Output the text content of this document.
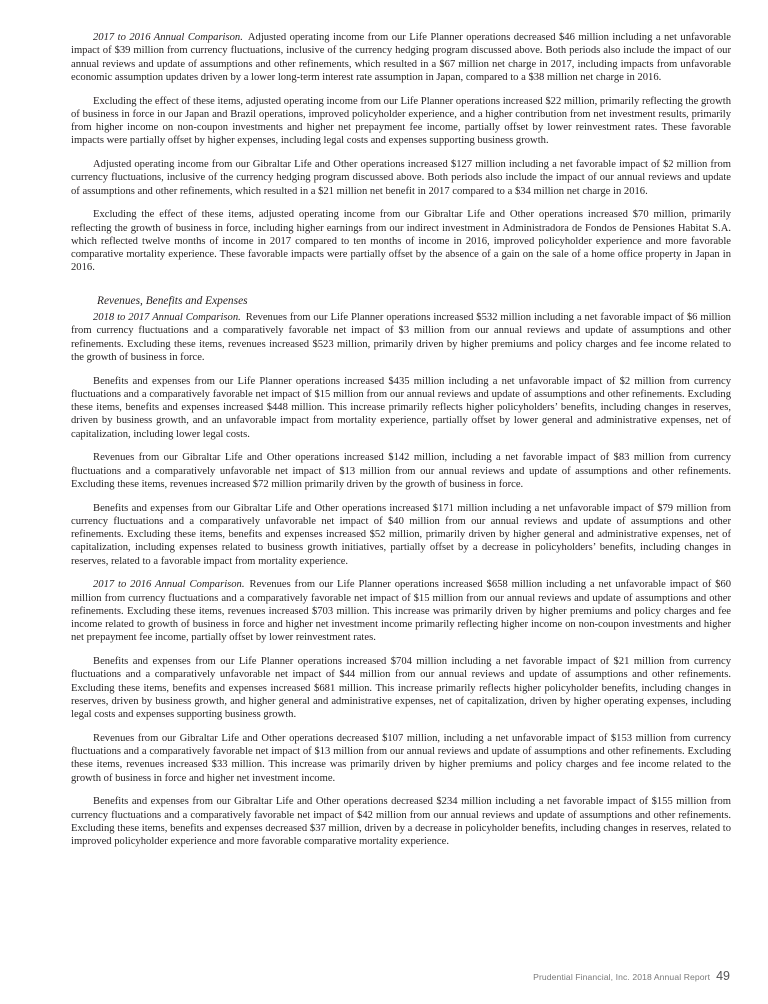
2017 to 2016 Annual Comparison. Adjusted operating income from our Life Planner operations decreased $46 million including a net unfavorable impact of $39 million from currency fluctuations, inclusive of the currency hedging program discussed above. Both periods also include the impact of our annual reviews and update of assumptions and other refinements, which resulted in a $67 million net charge in 2017, including impacts from unfavorable economic assumption updates driven by a lower long-term interest rate assumption in Japan, compared to a $38 million net charge in 2016.

Excluding the effect of these items, adjusted operating income from our Life Planner operations increased $22 million, primarily reflecting the growth of business in force in our Japan and Brazil operations, improved policyholder experience, and a higher contribution from net investment results, primarily from higher income on non-coupon investments and higher net prepayment fee income, partially offset by lower reinvestment rates. These favorable impacts were partially offset by higher expenses, including legal costs and expenses supporting business growth.

Adjusted operating income from our Gibraltar Life and Other operations increased $127 million including a net favorable impact of $2 million from currency fluctuations, inclusive of the currency hedging program discussed above. Both periods also include the impact of our annual reviews and update of assumptions and other refinements, which resulted in a $21 million net benefit in 2017 compared to a $34 million net charge in 2016.

Excluding the effect of these items, adjusted operating income from our Gibraltar Life and Other operations increased $70 million, primarily reflecting the growth of business in force, including higher earnings from our indirect investment in Administradora de Fondos de Pensiones Habitat S.A. which reflected twelve months of income in 2017 compared to ten months of income in 2016, improved policyholder experience and more favorable comparative mortality experience. These favorable impacts were partially offset by the absence of a gain on the sale of a home office property in Japan in 2016.

Revenues, Benefits and Expenses

2018 to 2017 Annual Comparison. Revenues from our Life Planner operations increased $532 million including a net favorable impact of $6 million from currency fluctuations and a comparatively favorable net impact of $3 million from our annual reviews and update of assumptions and other refinements. Excluding these items, revenues increased $523 million, primarily driven by higher premiums and policy charges and fee income related to the growth of business in force.

Benefits and expenses from our Life Planner operations increased $435 million including a net unfavorable impact of $2 million from currency fluctuations and a comparatively favorable net impact of $15 million from our annual reviews and update of assumptions and other refinements. Excluding these items, benefits and expenses increased $448 million. This increase primarily reflects higher policyholders’ benefits, including changes in reserves, driven by business growth, and an unfavorable impact from mortality experience, partially offset by lower general and administrative expenses, net of capitalization, including lower legal costs.

Revenues from our Gibraltar Life and Other operations increased $142 million, including a net favorable impact of $83 million from currency fluctuations and a comparatively unfavorable net impact of $13 million from our annual reviews and update of assumptions and other refinements. Excluding these items, revenues increased $72 million primarily driven by the growth of business in force.

Benefits and expenses from our Gibraltar Life and Other operations increased $171 million including a net unfavorable impact of $79 million from currency fluctuations and a comparatively unfavorable net impact of $40 million from our annual reviews and update of assumptions and other refinements. Excluding these items, benefits and expenses increased $52 million, primarily driven by higher general and administrative expenses, net of capitalization, including expenses related to business growth initiatives, partially offset by a decrease in policyholders’ benefits, including changes in reserves, related to a favorable impact from mortality experience.

2017 to 2016 Annual Comparison. Revenues from our Life Planner operations increased $658 million including a net unfavorable impact of $60 million from currency fluctuations and a comparatively favorable net impact of $15 million from our annual reviews and update of assumptions and other refinements. Excluding these items, revenues increased $703 million. This increase was primarily driven by higher premiums and policy charges and fee income related to growth of business in force and higher net investment income primarily reflecting higher income on non-coupon investments and higher net prepayment fee income, partially offset by lower reinvestment rates.

Benefits and expenses from our Life Planner operations increased $704 million including a net favorable impact of $21 million from currency fluctuations and a comparatively unfavorable net impact of $44 million from our annual reviews and update of assumptions and other refinements. Excluding these items, benefits and expenses increased $681 million. This increase primarily reflects higher policyholder benefits, including changes in reserves, driven by business growth, and higher general and administrative expenses, net of capitalization, driven by higher operating expenses, including legal costs and expenses supporting business growth.

Revenues from our Gibraltar Life and Other operations decreased $107 million, including a net unfavorable impact of $153 million from currency fluctuations and a comparatively favorable net impact of $13 million from our annual reviews and update of assumptions and other refinements. Excluding these items, revenues increased $33 million. This increase was primarily driven by higher premiums and policy charges and fee income related to the growth of business in force and higher net investment income.

Benefits and expenses from our Gibraltar Life and Other operations decreased $234 million including a net favorable impact of $155 million from currency fluctuations and a comparatively favorable net impact of $42 million from our annual reviews and update of assumptions and other refinements. Excluding these items, benefits and expenses decreased $37 million, driven by a decrease in policyholder benefits, including changes in reserves, related to improved policyholder experience and more favorable comparative mortality experience.

Prudential Financial, Inc. 2018 Annual Report 49
